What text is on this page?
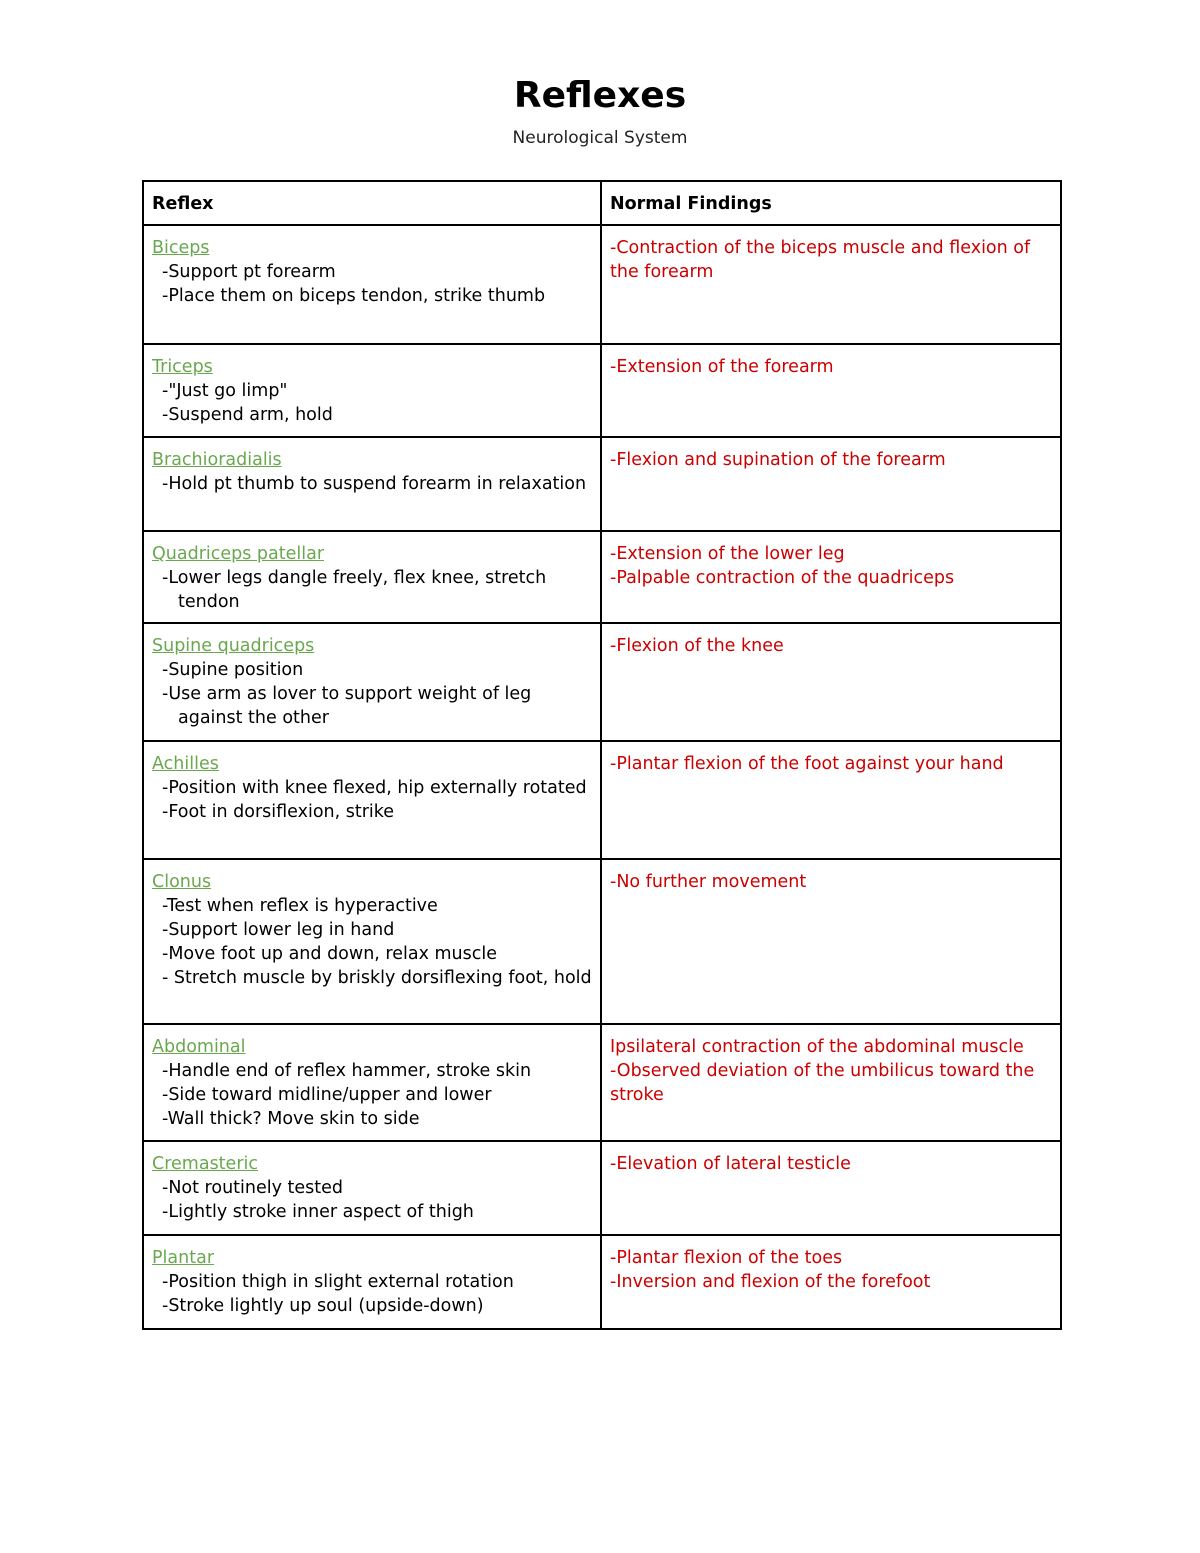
Reflexes
Neurological System
Reflex	Normal Findings

Biceps
- Support pt forearm
- Place them on biceps tendon, strike thumb	-Contraction of the biceps muscle and flexion of the forearm

Triceps
- "Just go limp"
- Suspend arm, hold	-Extension of the forearm

Brachioradialis
- Hold pt thumb to suspend forearm in relaxation	-Flexion and supination of the forearm

Quadriceps patellar
- Lower legs dangle freely, flex knee, stretch tendon	-Extension of the lower leg
-Palpable contraction of the quadriceps

Supine quadriceps
- Supine position
- Use arm as lover to support weight of leg against the other	-Flexion of the knee

Achilles
- Position with knee flexed, hip externally rotated
- Foot in dorsiflexion, strike	-Plantar flexion of the foot against your hand

Clonus
- Test when reflex is hyperactive
- Support lower leg in hand
- Move foot up and down, relax muscle
- Stretch muscle by briskly dorsiflexing foot, hold	-No further movement

Abdominal
- Handle end of reflex hammer, stroke skin
- Side toward midline/upper and lower
- Wall thick? Move skin to side	Ipsilateral contraction of the abdominal muscle
-Observed deviation of the umbilicus toward the stroke

Cremasteric
- Not routinely tested
- Lightly stroke inner aspect of thigh	-Elevation of lateral testicle

Plantar
- Position thigh in slight external rotation
- Stroke lightly up soul (upside-down)	-Plantar flexion of the toes
-Inversion and flexion of the forefoot
